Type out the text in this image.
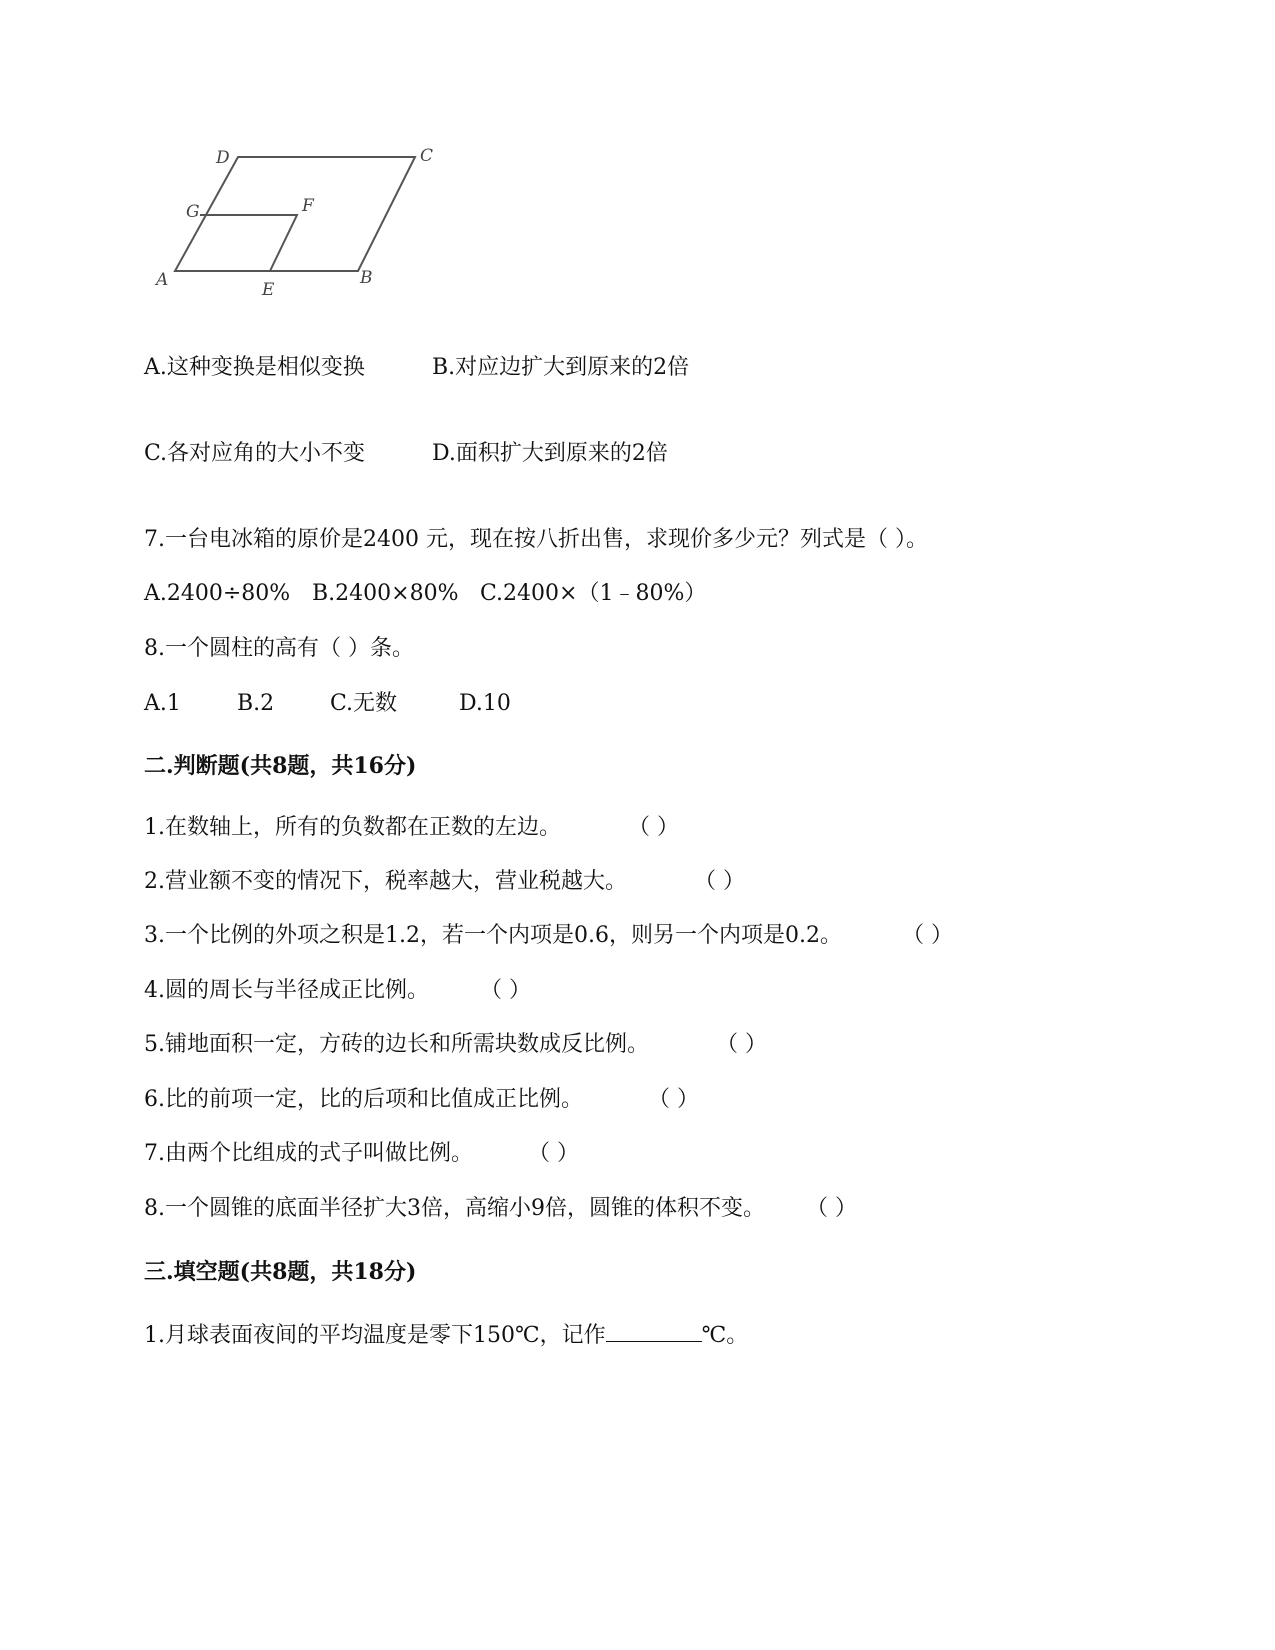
D	C
G	F
A	E
B
A.这种变换是相似变换	B.对应边扩大到原来的2倍
C.各对应角的大小不变	D.面积扩大到原来的2倍
7.一台电冰箱的原价是2400 元，现在按八折出售，求现价多少元？列式是（ ）。
A.2400÷80% B.2400×80% C.2400×（1﹣80%）
8.一个圆柱的高有（ ）条。
A.1	B.2	C.无数	D.10
二.判断题(共8题，共16分)
1.在数轴上，所有的负数都在正数的左边。	（ ）
2.营业额不变的情况下，税率越大，营业税越大。	（ ）
3.一个比例的外项之积是1.2，若一个内项是0.6，则另一个内项是0.2。	（ ）
4.圆的周长与半径成正比例。 （ ）
5.铺地面积一定，方砖的边长和所需块数成反比例。	（ ）
6.比的前项一定，比的后项和比值成正比例。	（ ）
7.由两个比组成的式子叫做比例。	（ ）
8.一个圆锥的底面半径扩大3倍，高缩小9倍，圆锥的体积不变。 （ ）
三.填空题(共8题，共18分)
1.月球表面夜间的平均温度是零下150℃，记作	℃。
